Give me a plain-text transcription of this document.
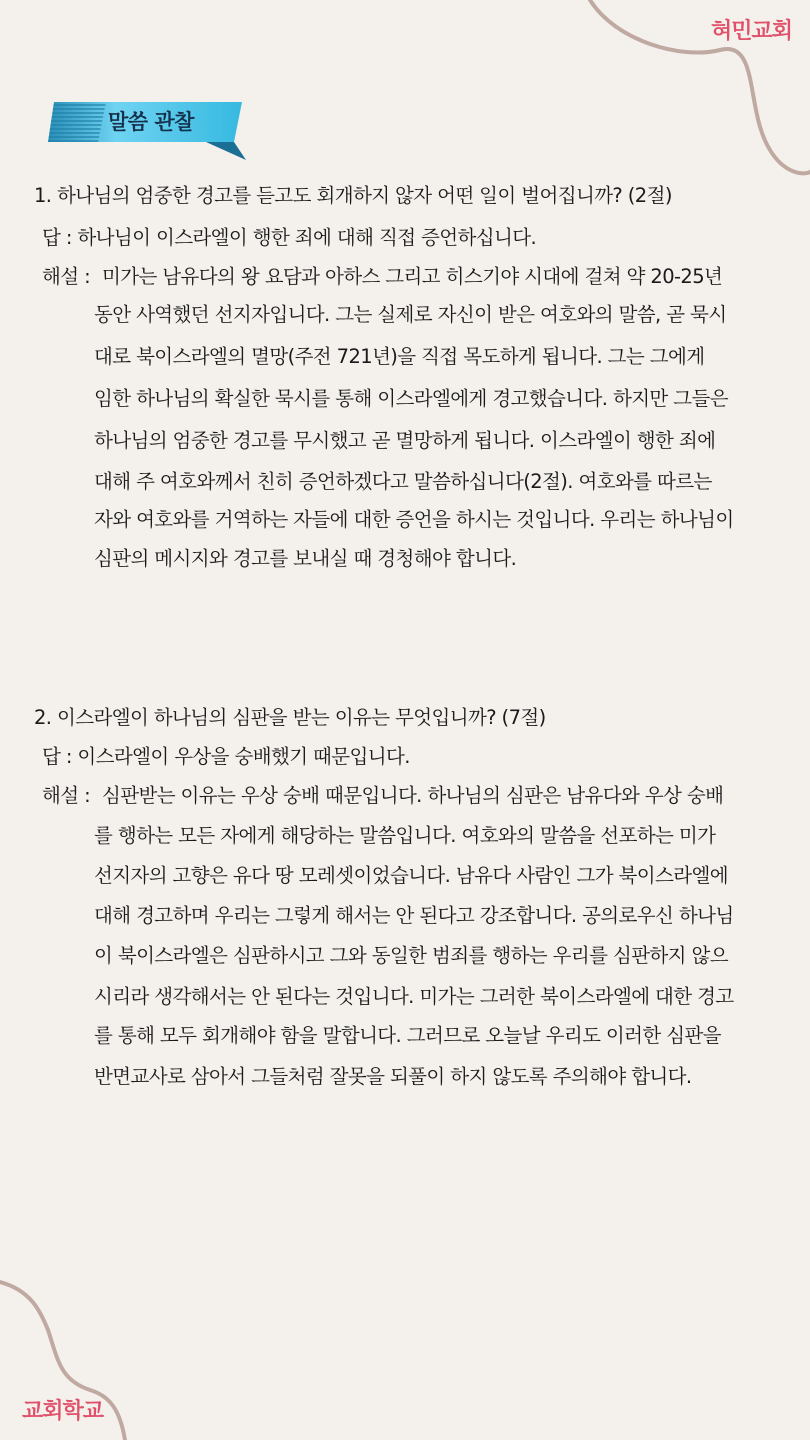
혀민교회
교회학교
말씀 관찰
1. 하나님의 엄중한 경고를 듣고도 회개하지 않자 어떤 일이 벌어집니까? (2절)
답 : 하나님이 이스라엘이 행한 죄에 대해 직접 증언하십니다.
해설 : 미가는 남유다의 왕 요담과 아하스 그리고 히스기야 시대에 걸쳐 약 20-25년
동안 사역했던 선지자입니다. 그는 실제로 자신이 받은 여호와의 말씀, 곧 묵시
대로 북이스라엘의 멸망(주전 721년)을 직접 목도하게 됩니다. 그는 그에게
임한 하나님의 확실한 묵시를 통해 이스라엘에게 경고했습니다. 하지만 그들은
하나님의 엄중한 경고를 무시했고 곧 멸망하게 됩니다. 이스라엘이 행한 죄에
대해 주 여호와께서 친히 증언하겠다고 말씀하십니다(2절). 여호와를 따르는
자와 여호와를 거역하는 자들에 대한 증언을 하시는 것입니다. 우리는 하나님이
심판의 메시지와 경고를 보내실 때 경청해야 합니다.
2. 이스라엘이 하나님의 심판을 받는 이유는 무엇입니까? (7절)
답 : 이스라엘이 우상을 숭배했기 때문입니다.
해설 : 심판받는 이유는 우상 숭배 때문입니다. 하나님의 심판은 남유다와 우상 숭배
를 행하는 모든 자에게 해당하는 말씀입니다. 여호와의 말씀을 선포하는 미가
선지자의 고향은 유다 땅 모레셋이었습니다. 남유다 사람인 그가 북이스라엘에
대해 경고하며 우리는 그렇게 해서는 안 된다고 강조합니다. 공의로우신 하나님
이 북이스라엘은 심판하시고 그와 동일한 범죄를 행하는 우리를 심판하지 않으
시리라 생각해서는 안 된다는 것입니다. 미가는 그러한 북이스라엘에 대한 경고
를 통해 모두 회개해야 함을 말합니다. 그러므로 오늘날 우리도 이러한 심판을
반면교사로 삼아서 그들처럼 잘못을 되풀이 하지 않도록 주의해야 합니다.
